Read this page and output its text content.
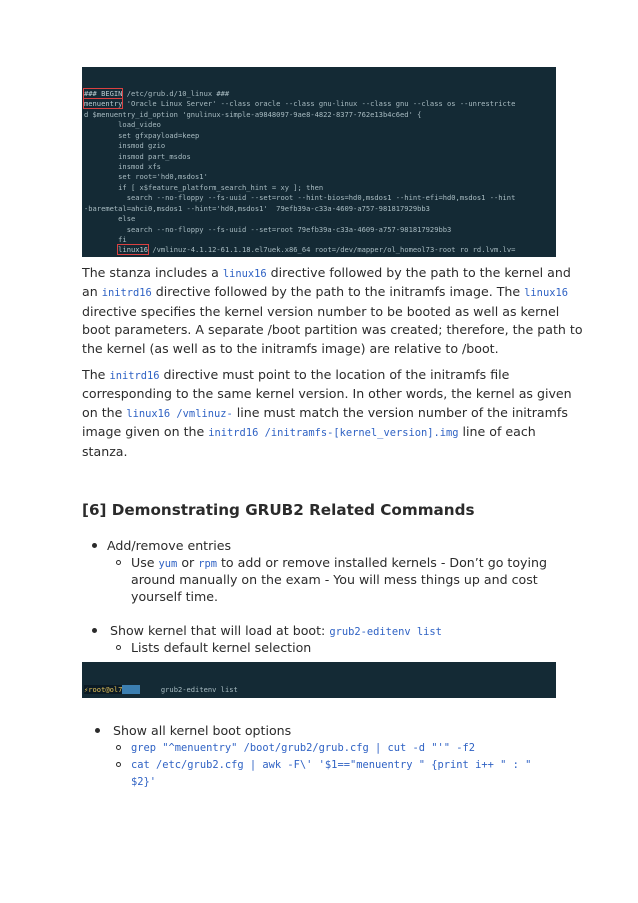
### BEGIN /etc/grub.d/10_linux ###
menuentry 'Oracle Linux Server' --class oracle --class gnu-linux --class gnu --class os --unrestricte
d $menuentry_id_option 'gnulinux-simple-a9848097-9ae8-4822-8377-762e13b4c6ed' {
load_video
set gfxpayload=keep
insmod gzio
insmod part_msdos
insmod xfs
set root='hd0,msdos1'
if [ x$feature_platform_search_hint = xy ]; then
search --no-floppy --fs-uuid --set=root --hint-bios=hd0,msdos1 --hint-efi=hd0,msdos1 --hint
-baremetal=ahci0,msdos1 --hint='hd0,msdos1'  79efb39a-c33a-4609-a757-981817929bb3
else
search --no-floppy --fs-uuid --set=root 79efb39a-c33a-4609-a757-981817929bb3
fi
linux16 /vmlinuz-4.1.12-61.1.18.el7uek.x86_64 root=/dev/mapper/ol_homeol73-root ro rd.lvm.lv=

The stanza includes a linux16 directive followed by the path to the kernel and
an initrd16 directive followed by the path to the initramfs image. The linux16
directive specifies the kernel version number to be booted as well as kernel
boot parameters. A separate /boot partition was created; therefore, the path to
the kernel (as well as to the initramfs image) are relative to /boot.
The initrd16 directive must point to the location of the initramfs file
corresponding to the same kernel version. In other words, the kernel as given
on the linux16 /vmlinuz- line must match the version number of the initramfs
image given on the initrd16 /initramfs-[kernel_version].img line of each
stanza.
[6] Demonstrating GRUB2 Related Commands
Add/remove entries
Use yum or rpm to add or remove installed kernels - Don’t go toying
around manually on the exam - You will mess things up and cost
yourself time.
Show kernel that will load at boot: grub2-editenv list
Lists default kernel selection

⚡root@ol7 >>	grub2-editenv list

Show all kernel boot options
grep "^menuentry" /boot/grub2/grub.cfg | cut -d "'" -f2
cat /etc/grub2.cfg | awk -F\' '$1=="menuentry " {print i++ " : "
$2}'
